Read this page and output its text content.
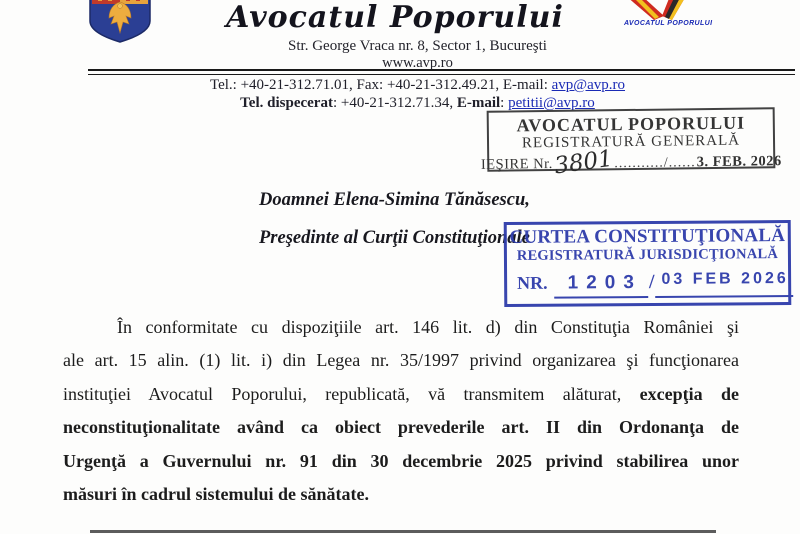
Avocatul Poporului
Str. George Vraca nr. 8, Sector 1, Bucureşti
www.avp.ro
AVOCATUL POPORULUI
Tel.: +40-21-312.71.01, Fax: +40-21-312.49.21, E-mail: avp@avp.ro
Tel. dispecerat: +40-21-312.71.34, E-mail: petitii@avp.ro
AVOCATUL POPORULUI
REGISTRATURĂ GENERALĂ
IEŞIRE Nr. 3801 .........../...... 3. FEB. 2026
Doamnei Elena-Simina Tănăsescu,
Preşedinte al Curţii Constituţionale
CURTEA CONSTITUŢIONALĂ
REGISTRATURĂ JURISDICŢIONALĂ
NR.	1203 / 03 FEB 2026
În conformitate cu dispoziţiile art. 146 lit. d) din Constituţia României şi
ale art. 15 alin. (1) lit. i) din Legea nr. 35/1997 privind organizarea şi funcţionarea
instituţiei Avocatul Poporului, republicată, vă transmitem alăturat, excepţia de
neconstituţionalitate având ca obiect prevederile art. II din Ordonanţa de
Urgenţă a Guvernului nr. 91 din 30 decembrie 2025 privind stabilirea unor
măsuri în cadrul sistemului de sănătate.
